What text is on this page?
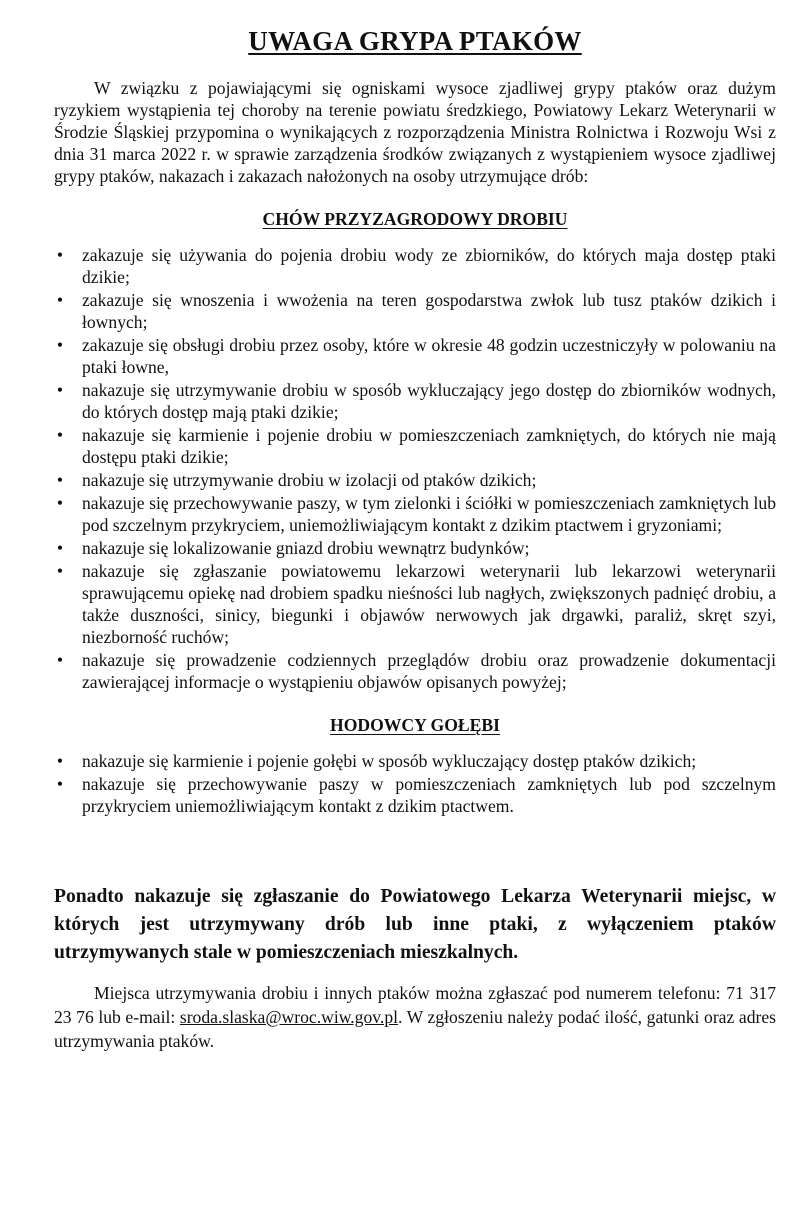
UWAGA GRYPA PTAKÓW

W związku z pojawiającymi się ogniskami wysoce zjadliwej grypy ptaków oraz dużym ryzykiem wystąpienia tej choroby na terenie powiatu średzkiego, Powiatowy Lekarz Weterynarii w Środzie Śląskiej przypomina o wynikających z rozporządzenia Ministra Rolnictwa i Rozwoju Wsi z dnia 31 marca 2022 r. w sprawie zarządzenia środków związanych z wystąpieniem wysoce zjadliwej grypy ptaków, nakazach i zakazach nałożonych na osoby utrzymujące drób:

CHÓW PRZYZAGRODOWY DROBIU
• zakazuje się używania do pojenia drobiu wody ze zbiorników, do których maja dostęp ptaki dzikie;
• zakazuje się wnoszenia i wwożenia na teren gospodarstwa zwłok lub tusz ptaków dzikich i łownych;
• zakazuje się obsługi drobiu przez osoby, które w okresie 48 godzin uczestniczyły w polowaniu na ptaki łowne,
• nakazuje się utrzymywanie drobiu w sposób wykluczający jego dostęp do zbiorników wodnych, do których dostęp mają ptaki dzikie;
• nakazuje się karmienie i pojenie drobiu w pomieszczeniach zamkniętych, do których nie mają dostępu ptaki dzikie;
• nakazuje się utrzymywanie drobiu w izolacji od ptaków dzikich;
• nakazuje się przechowywanie paszy, w tym zielonki i ściółki w pomieszczeniach zamkniętych lub pod szczelnym przykryciem, uniemożliwiającym kontakt z dzikim ptactwem i gryzoniami;
• nakazuje się lokalizowanie gniazd drobiu wewnątrz budynków;
• nakazuje się zgłaszanie powiatowemu lekarzowi weterynarii lub lekarzowi weterynarii sprawującemu opiekę nad drobiem spadku nieśności lub nagłych, zwiększonych padnięć drobiu, a także duszności, sinicy, biegunki i objawów nerwowych jak drgawki, paraliż, skręt szyi, niezborność ruchów;
• nakazuje się prowadzenie codziennych przeglądów drobiu oraz prowadzenie dokumentacji zawierającej informacje o wystąpieniu objawów opisanych powyżej;
HODOWCY GOŁĘBI
• nakazuje się karmienie i pojenie gołębi w sposób wykluczający dostęp ptaków dzikich;
• nakazuje się przechowywanie paszy w pomieszczeniach zamkniętych lub pod szczelnym przykryciem uniemożliwiającym kontakt z dzikim ptactwem.

Ponadto nakazuje się zgłaszanie do Powiatowego Lekarza Weterynarii miejsc, w których jest utrzymywany drób lub inne ptaki, z wyłączeniem ptaków utrzymywanych stale w pomieszczeniach mieszkalnych.

Miejsca utrzymywania drobiu i innych ptaków można zgłaszać pod numerem telefonu: 71 317 23 76 lub e-mail: sroda.slaska@wroc.wiw.gov.pl. W zgłoszeniu należy podać ilość, gatunki oraz adres utrzymywania ptaków.
